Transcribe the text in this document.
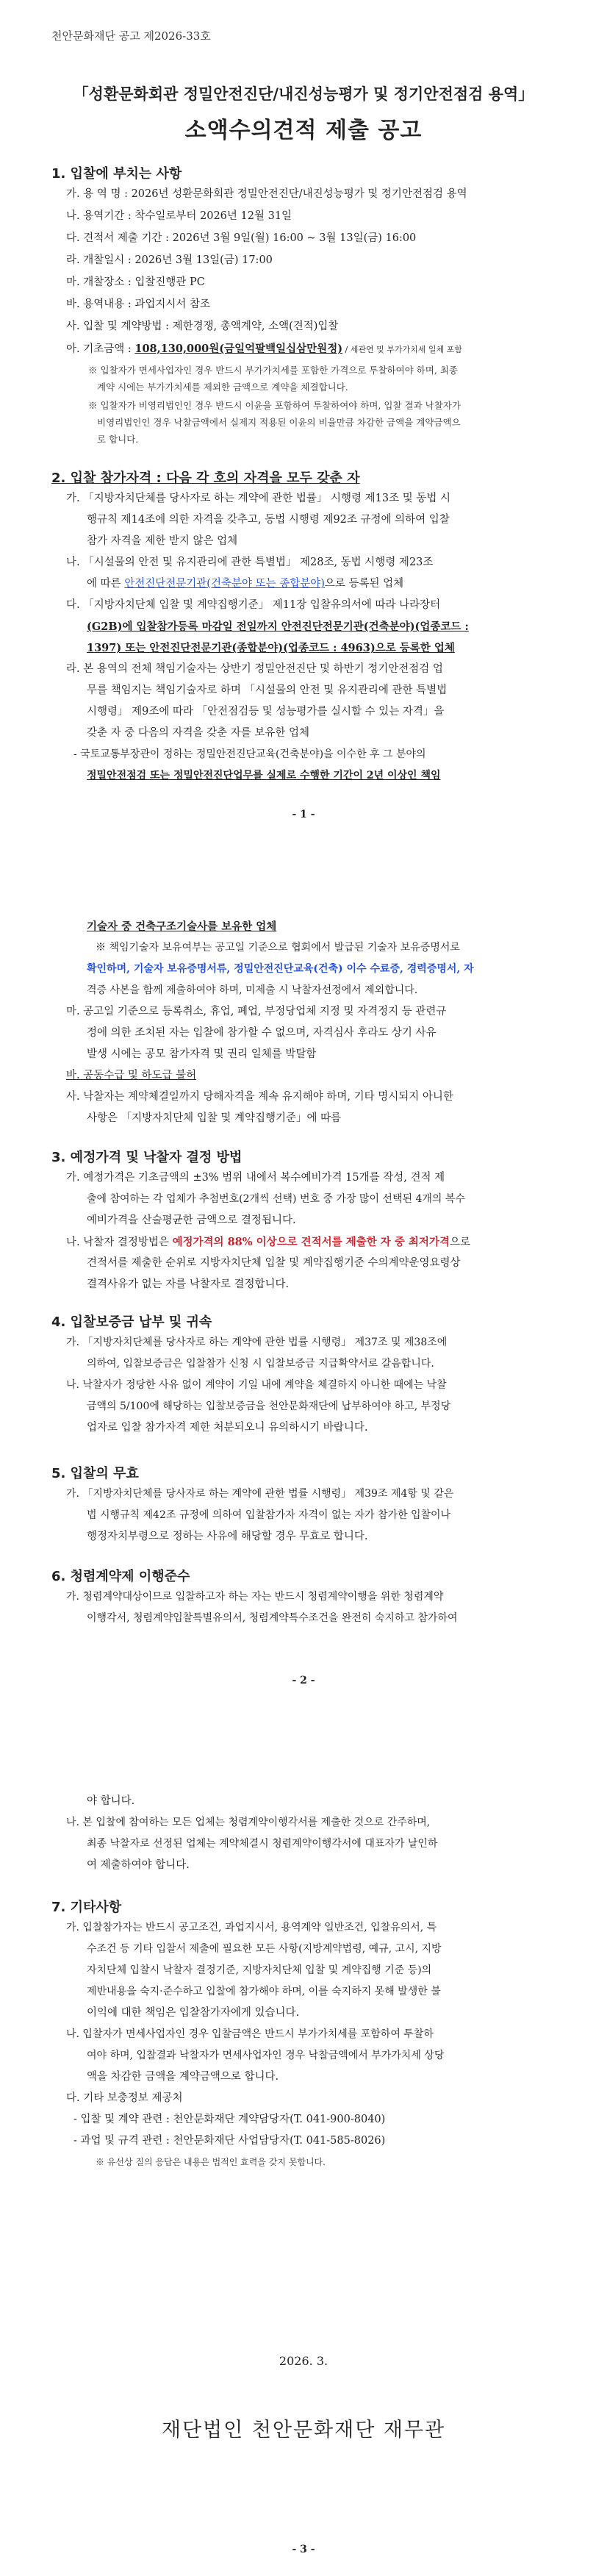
천안문화재단 공고 제2026-33호
「성환문화회관 정밀안전진단/내진성능평가 및 정기안전점검 용역」
소액수의견적 제출 공고
1. 입찰에 부치는 사항
가. 용 역 명 : 2026년 성환문화회관 정밀안전진단/내진성능평가 및 정기안전점검 용역
나. 용역기간 : 착수일로부터 2026년 12월 31일
다. 견적서 제출 기간 : 2026년 3월 9일(월) 16:00 ~ 3월 13일(금) 16:00
라. 개찰일시 : 2026년 3월 13일(금) 17:00
마. 개찰장소 : 입찰진행관 PC
바. 용역내용 : 과업지시서 참조
사. 입찰 및 계약방법 : 제한경쟁, 총액계약, 소액(견적)입찰
아. 기초금액 : 108,130,000원(금일억팔백일십삼만원정) / 세관연 및 부가가치세 일체 포함
※ 입찰자가 면세사업자인 경우 반드시 부가가치세를 포함한 가격으로 투찰하여야 하며, 최종
계약 시에는 부가가치세를 제외한 금액으로 계약을 체결합니다.
※ 입찰자가 비영리법인인 경우 반드시 이윤을 포함하여 투찰하여야 하며, 입찰 결과 낙찰자가
비영리법인인 경우 낙찰금액에서 실제지 적용된 이윤의 비율만큼 차감한 금액을 계약금액으
로 합니다.
2. 입찰 참가자격 : 다음 각 호의 자격을 모두 갖춘 자
가. 「지방자치단체를 당사자로 하는 계약에 관한 법률」 시행령 제13조 및 동법 시
행규칙 제14조에 의한 자격을 갖추고, 동법 시행령 제92조 규정에 의하여 입찰
참가 자격을 제한 받지 않은 업체
나. 「시설물의 안전 및 유지관리에 관한 특별법」 제28조, 동법 시행령 제23조
에 따른 안전진단전문기관(건축분야 또는 종합분야)으로 등록된 업체
다. 「지방자치단체 입찰 및 계약집행기준」 제11장 입찰유의서에 따라 나라장터
(G2B)에 입찰참가등록 마감일 전일까지 안전진단전문기관(건축분야)(업종코드 :
1397) 또는 안전진단전문기관(종합분야)(업종코드 : 4963)으로 등록한 업체
라. 본 용역의 전체 책임기술자는 상반기 정밀안전진단 및 하반기 정기안전점검 업
무를 책임지는 책임기술자로 하며 「시설물의 안전 및 유지관리에 관한 특별법
시행령」 제9조에 따라 「안전점검등 및 성능평가를 실시할 수 있는 자격」을
갖춘 자 중 다음의 자격을 갖춘 자를 보유한 업체
- 국토교통부장관이 정하는 정밀안전진단교육(건축분야)을 이수한 후 그 분야의
정밀안전점검 또는 정밀안전진단업무를 실제로 수행한 기간이 2년 이상인 책임
- 1 -
기술자 중 건축구조기술사를 보유한 업체
※ 책임기술자 보유여부는 공고일 기준으로 협회에서 발급된 기술자 보유증명서로
확인하며, 기술자 보유증명서류, 정밀안전진단교육(건축) 이수 수료증, 경력증명서, 자
격증 사본을 함께 제출하여야 하며, 미제출 시 낙찰자선정에서 제외합니다.
마. 공고일 기준으로 등록취소, 휴업, 폐업, 부정당업체 지정 및 자격정지 등 관련규
정에 의한 조치된 자는 입찰에 참가할 수 없으며, 자격심사 후라도 상기 사유
발생 시에는 공모 참가자격 및 권리 일체를 박탈함
바. 공동수급 및 하도급 불허
사. 낙찰자는 계약체결일까지 당해자격을 계속 유지해야 하며, 기타 명시되지 아니한
사항은 「지방자치단체 입찰 및 계약집행기준」에 따름
3. 예정가격 및 낙찰자 결정 방법
가. 예정가격은 기초금액의 ±3% 범위 내에서 복수예비가격 15개를 작성, 견적 제
출에 참여하는 각 업체가 추첨번호(2개씩 선택) 번호 중 가장 많이 선택된 4개의 복수
예비가격을 산술평균한 금액으로 결정됩니다.
나. 낙찰자 결정방법은 예정가격의 88% 이상으로 견적서를 제출한 자 중 최저가격으로
견적서를 제출한 순위로 지방자치단체 입찰 및 계약집행기준 수의계약운영요령상
결격사유가 없는 자를 낙찰자로 결정합니다.
4. 입찰보증금 납부 및 귀속
가. 「지방자치단체를 당사자로 하는 계약에 관한 법률 시행령」 제37조 및 제38조에
의하여, 입찰보증금은 입찰참가 신청 시 입찰보증금 지급확약서로 갈음합니다.
나. 낙찰자가 정당한 사유 없이 계약이 기일 내에 계약을 체결하지 아니한 때에는 낙찰
금액의 5/100에 해당하는 입찰보증금을 천안문화재단에 납부하여야 하고, 부정당
업자로 입찰 참가자격 제한 처분되오니 유의하시기 바랍니다.
5. 입찰의 무효
가. 「지방자치단체를 당사자로 하는 계약에 관한 법률 시행령」 제39조 제4항 및 같은
법 시행규칙 제42조 규정에 의하여 입찰참가자 자격이 없는 자가 참가한 입찰이나
행정자치부령으로 정하는 사유에 해당할 경우 무효로 합니다.
6. 청렴계약제 이행준수
가. 청렴계약대상이므로 입찰하고자 하는 자는 반드시 청렴계약이행을 위한 청렴계약
이행각서, 청렴계약입찰특별유의서, 청렴계약특수조건을 완전히 숙지하고 참가하여
- 2 -
야 합니다.
나. 본 입찰에 참여하는 모든 업체는 청렴계약이행각서를 제출한 것으로 간주하며,
최종 낙찰자로 선정된 업체는 계약체결시 청렴계약이행각서에 대표자가 날인하
여 제출하여야 합니다.
7. 기타사항
가. 입찰참가자는 반드시 공고조건, 과업지시서, 용역계약 일반조건, 입찰유의서, 특
수조건 등 기타 입찰서 제출에 필요한 모든 사항(지방계약법령, 예규, 고시, 지방
자치단체 입찰시 낙찰자 결정기준, 지방자치단체 입찰 및 계약집행 기준 등)의
제반내용을 숙지·준수하고 입찰에 참가해야 하며, 이를 숙지하지 못해 발생한 불
이익에 대한 책임은 입찰참가자에게 있습니다.
나. 입찰자가 면세사업자인 경우 입찰금액은 반드시 부가가치세를 포함하여 투찰하
여야 하며, 입찰결과 낙찰자가 면세사업자인 경우 낙찰금액에서 부가가치세 상당
액을 차감한 금액을 계약금액으로 합니다.
다. 기타 보충정보 제공처
- 입찰 및 계약 관련 : 천안문화재단 계약담당자(T. 041-900-8040)
- 과업 및 규격 관련 : 천안문화재단 사업담당자(T. 041-585-8026)
※ 유선상 질의 응답은 내용은 법적인 효력을 갖지 못합니다.
2026. 3.
재단법인 천안문화재단 재무관
- 3 -
